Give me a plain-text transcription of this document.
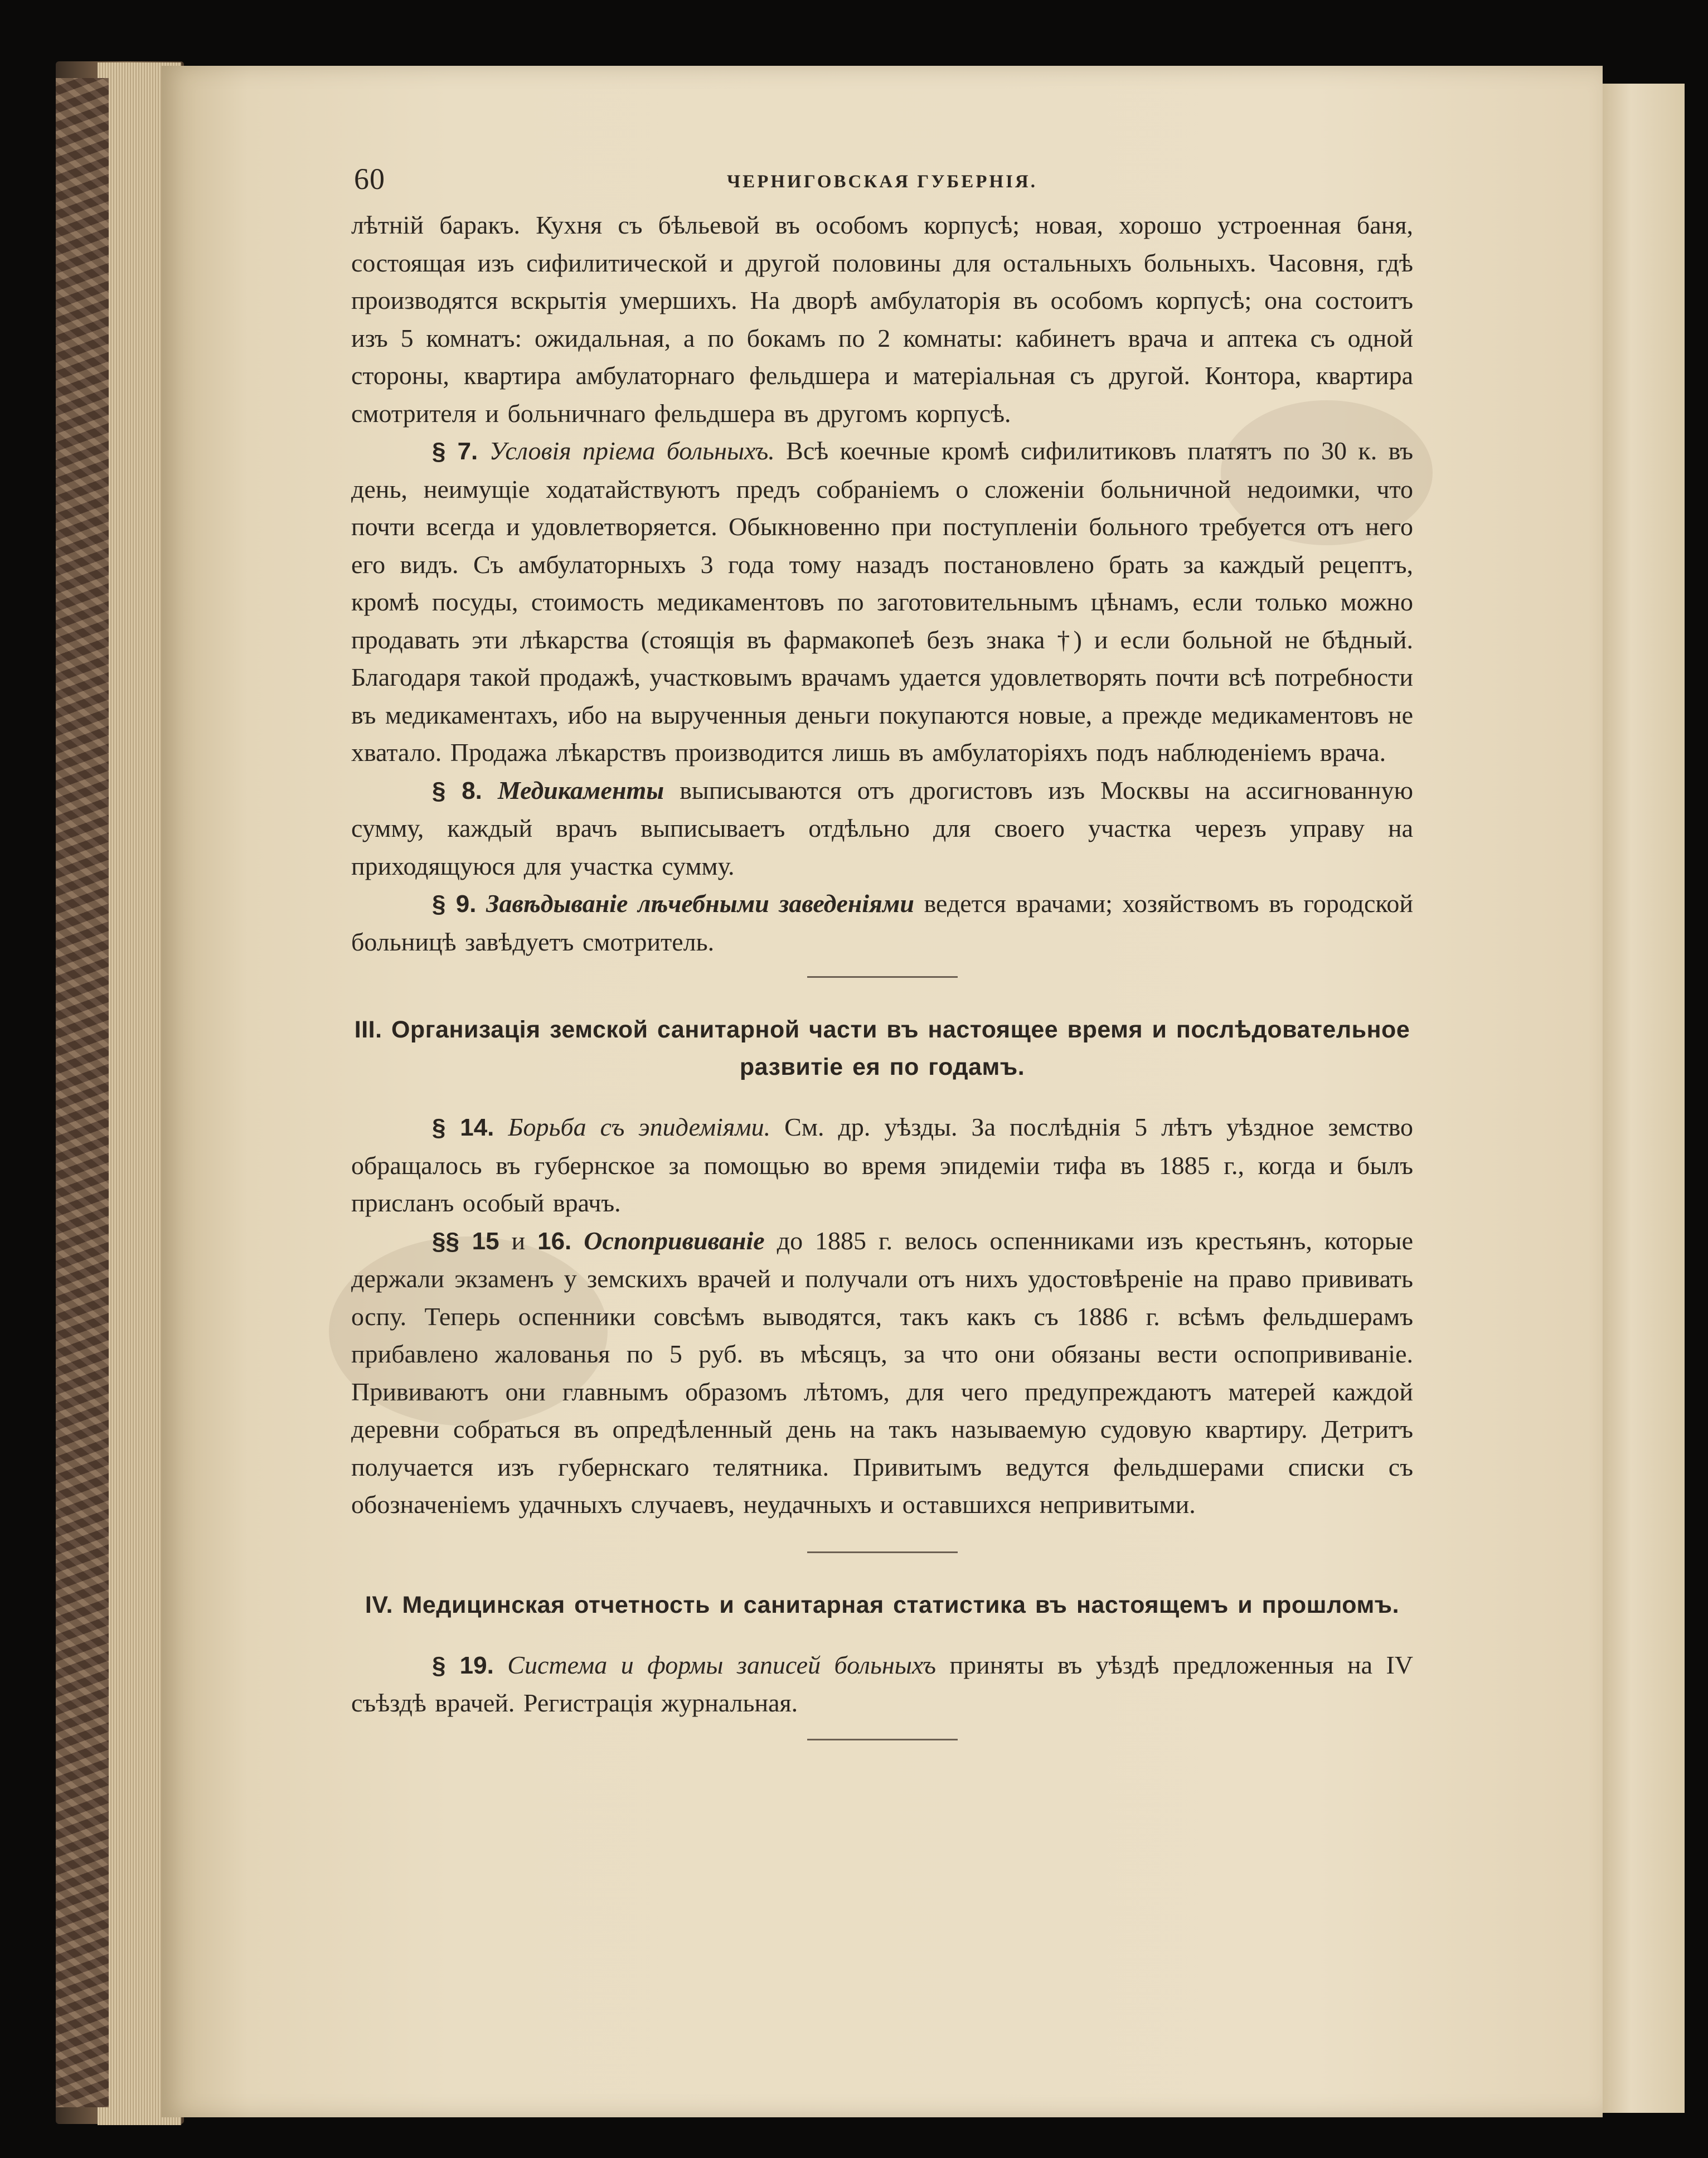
60	ЧЕРНИГОВСКАЯ ГУБЕРНІЯ.

лѣтній баракъ. Кухня съ бѣльевой въ особомъ корпусѣ; новая, хорошо устроенная баня, состоящая изъ сифилитической и другой половины для остальныхъ больныхъ. Часовня, гдѣ производятся вскрытія умершихъ. На дворѣ амбулаторія въ особомъ корпусѣ; она состоитъ изъ 5 комнатъ: ожидальная, а по бокамъ по 2 комнаты: кабинетъ врача и аптека съ одной стороны, квартира амбулаторнаго фельдшера и матеріальная съ другой. Контора, квартира смотрителя и больничнаго фельдшера въ другомъ корпусѣ.

§ 7. Условія пріема больныхъ. Всѣ коечные кромѣ сифилитиковъ платятъ по 30 к. въ день, неимущіе ходатайствуютъ предъ собраніемъ о сложеніи больничной недоимки, что почти всегда и удовлетворяется. Обыкновенно при поступленіи больного требуется отъ него его видъ. Съ амбулаторныхъ 3 года тому назадъ постановлено брать за каждый рецептъ, кромѣ посуды, стоимость медикаментовъ по заготовительнымъ цѣнамъ, если только можно продавать эти лѣкарства (стоящія въ фармакопеѣ безъ знака †) и если больной не бѣдный. Благодаря такой продажѣ, участковымъ врачамъ удается удовлетворять почти всѣ потребности въ медикаментахъ, ибо на вырученныя деньги покупаются новые, а прежде медикаментовъ не хватало. Продажа лѣкарствъ производится лишь въ амбулаторіяхъ подъ наблюденіемъ врача.

§ 8. Медикаменты выписываются отъ дрогистовъ изъ Москвы на ассигнованную сумму, каждый врачъ выписываетъ отдѣльно для своего участка черезъ управу на приходящуюся для участка сумму.

§ 9. Завѣдываніе лѣчебными заведеніями ведется врачами; хозяйствомъ въ городской больницѣ завѣдуетъ смотритель.

III. Организація земской санитарной части въ настоящее время и послѣдовательное развитіе ея по годамъ.

§ 14. Борьба съ эпидеміями. См. др. уѣзды. За послѣднія 5 лѣтъ уѣздное земство обращалось въ губернское за помощью во время эпидеміи тифа въ 1885 г., когда и былъ присланъ особый врачъ.

§§ 15 и 16. Оспопрививаніе до 1885 г. велось оспенниками изъ крестьянъ, которые держали экзаменъ у земскихъ врачей и получали отъ нихъ удостовѣреніе на право прививать оспу. Теперь оспенники совсѣмъ выводятся, такъ какъ съ 1886 г. всѣмъ фельдшерамъ прибавлено жалованья по 5 руб. въ мѣсяцъ, за что они обязаны вести оспопрививаніе. Прививаютъ они главнымъ образомъ лѣтомъ, для чего предупреждаютъ матерей каждой деревни собраться въ опредѣленный день на такъ называемую судовую квартиру. Детритъ получается изъ губернскаго телятника. Привитымъ ведутся фельдшерами списки съ обозначеніемъ удачныхъ случаевъ, неудачныхъ и оставшихся непривитыми.

IV. Медицинская отчетность и санитарная статистика въ настоящемъ и прошломъ.

§ 19. Система и формы записей больныхъ приняты въ уѣздѣ предложенныя на IV съѣздѣ врачей. Регистрація журнальная.
